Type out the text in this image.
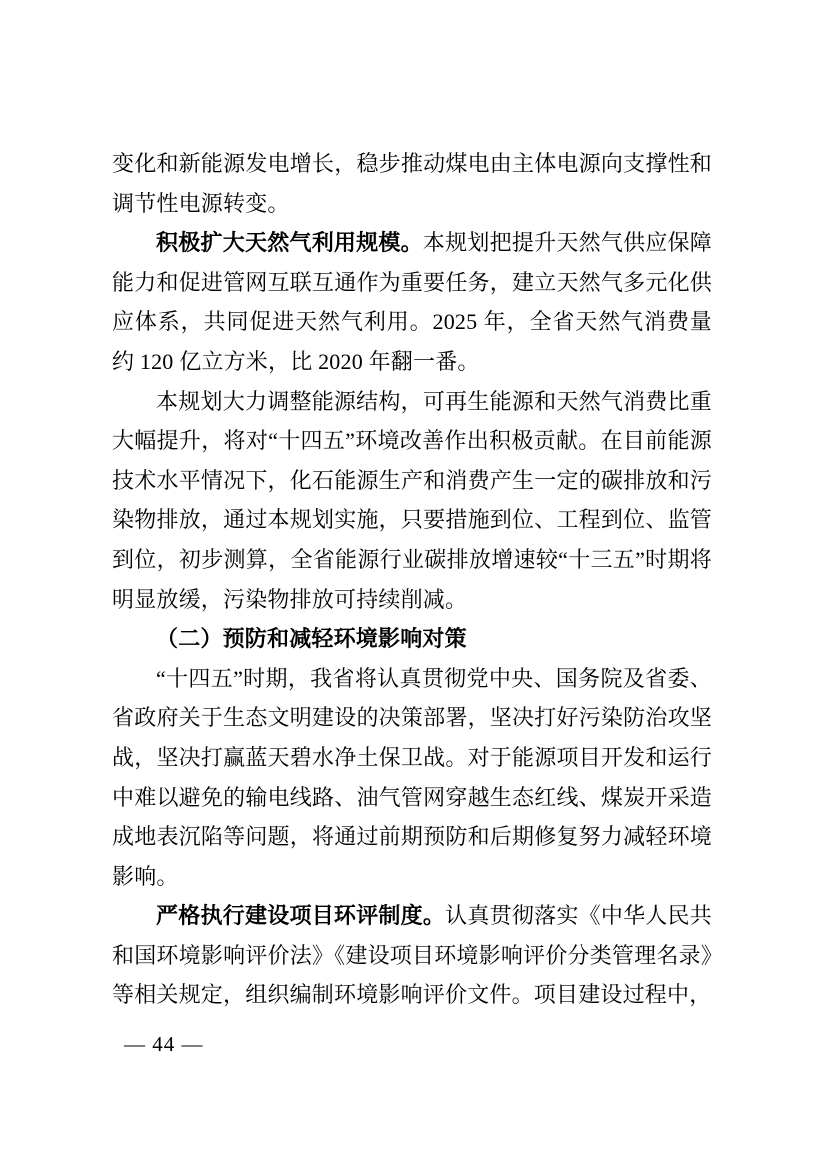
变化和新能源发电增长，稳步推动煤电由主体电源向支撑性和调节性电源转变。

积极扩大天然气利用规模。本规划把提升天然气供应保障能力和促进管网互联互通作为重要任务，建立天然气多元化供应体系，共同促进天然气利用。2025 年，全省天然气消费量约 120 亿立方米，比 2020 年翻一番。

本规划大力调整能源结构，可再生能源和天然气消费比重大幅提升，将对“十四五”环境改善作出积极贡献。在目前能源技术水平情况下，化石能源生产和消费产生一定的碳排放和污染物排放，通过本规划实施，只要措施到位、工程到位、监管到位，初步测算，全省能源行业碳排放增速较“十三五”时期将明显放缓，污染物排放可持续削减。

（二）预防和减轻环境影响对策

“十四五”时期，我省将认真贯彻党中央、国务院及省委、省政府关于生态文明建设的决策部署，坚决打好污染防治攻坚战，坚决打赢蓝天碧水净土保卫战。对于能源项目开发和运行中难以避免的输电线路、油气管网穿越生态红线、煤炭开采造成地表沉陷等问题，将通过前期预防和后期修复努力减轻环境影响。

严格执行建设项目环评制度。认真贯彻落实《中华人民共和国环境影响评价法》《建设项目环境影响评价分类管理名录》等相关规定，组织编制环境影响评价文件。项目建设过程中，

— 44 —
